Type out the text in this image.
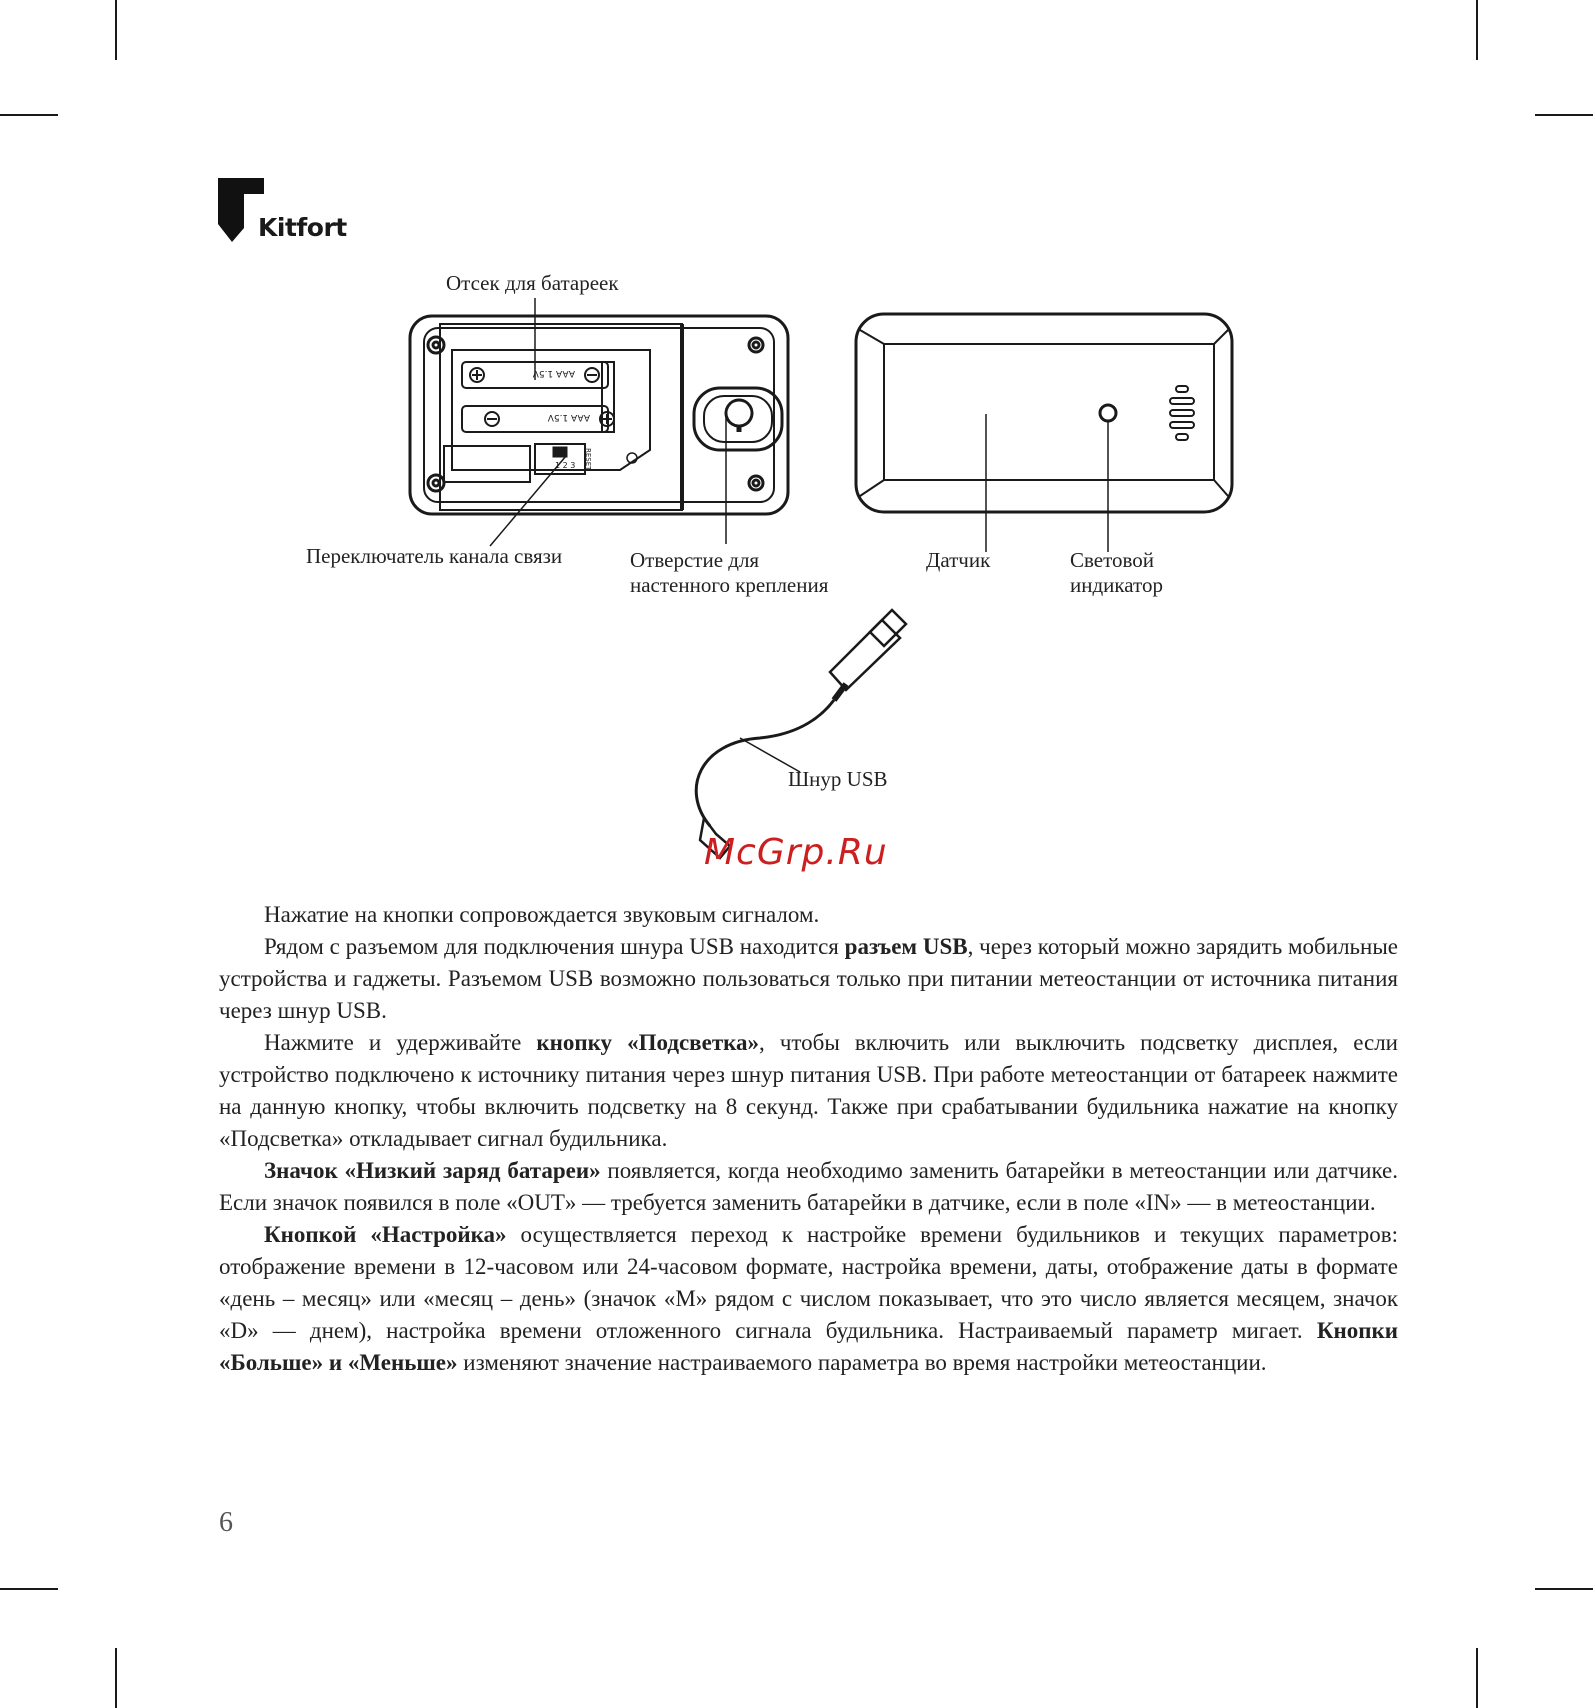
Kitfort
AAA 1.5V
AAA 1.5V
1 2 3 RESET
Отсек для батареек
Переключатель канала связи	Отверстие для
настенного крепления
Датчик	Световой
индикатор
Шнур USB
McGrp.Ru

Нажатие на кнопки сопровождается звуковым сигналом.

Рядом с разъемом для подключения шнура USB находится разъем USB, через который можно зарядить мобильные устройства и гаджеты. Разъемом USB возможно пользоваться только при питании метеостанции от источника питания через шнур USB.

Нажмите и удерживайте кнопку «Подсветка», чтобы включить или выключить подсветку дисплея, если устройство подключено к источнику питания через шнур питания USB. При работе метеостанции от батареек нажмите на данную кнопку, чтобы включить подсветку на 8 секунд. Также при срабатывании будильника нажатие на кнопку «Подсветка» откладывает сигнал будильника.

Значок «Низкий заряд батареи» появляется, когда необходимо заменить батарейки в метеостанции или датчике. Если значок появился в поле «OUT» — требуется заменить батарейки в датчике, если в поле «IN» — в метеостанции.

Кнопкой «Настройка» осуществляется переход к настройке времени будильников и текущих параметров: отображение времени в 12-часовом или 24-часовом формате, настройка времени, даты, отображение даты в формате «день – месяц» или «месяц – день» (значок «M» рядом с числом показывает, что это число является месяцем, значок «D» — днем), настройка времени отложенного сигнала будильника. Настраиваемый параметр мигает. Кнопки «Больше» и «Меньше» изменяют значение настраиваемого параметра во время настройки метеостанции.

6
